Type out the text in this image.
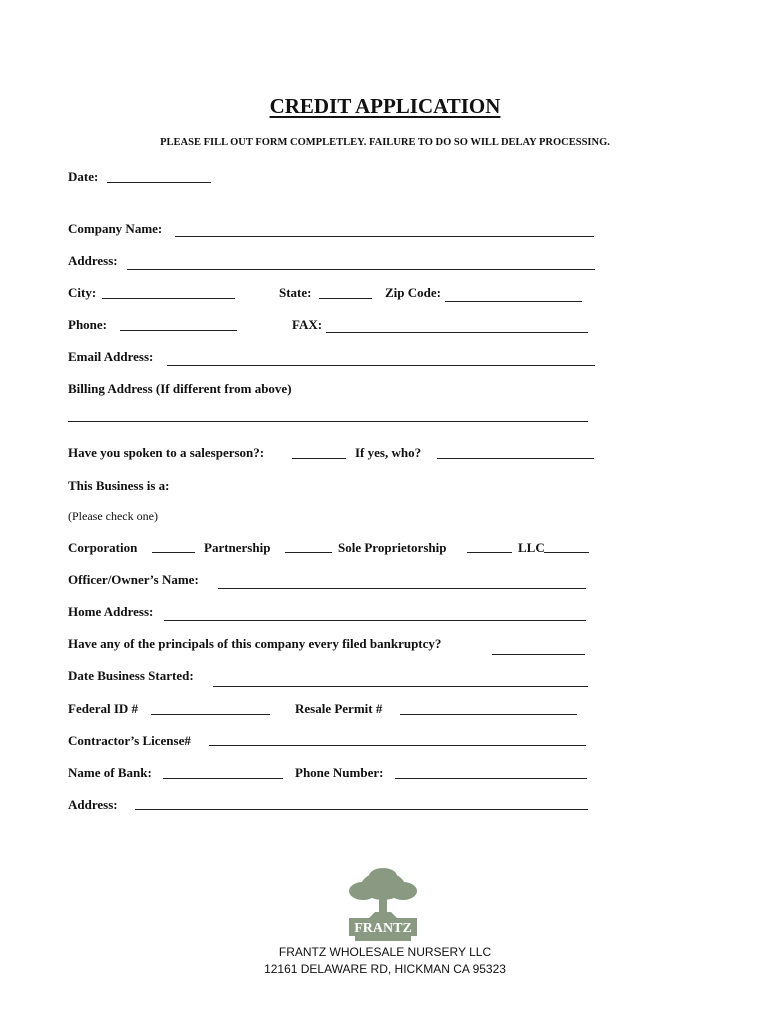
CREDIT APPLICATION
PLEASE FILL OUT FORM COMPLETLEY. FAILURE TO DO SO WILL DELAY PROCESSING.
Date:
Company Name:
Address:
City:	State:	Zip Code:
Phone:	FAX:
Email Address:
Billing Address (If different from above)
Have you spoken to a salesperson?:	If yes, who?
This Business is a:
(Please check one)
Corporation	Partnership	Sole Proprietorship	LLC
Officer/Owner’s Name:
Home Address:
Have any of the principals of this company every filed bankruptcy?
Date Business Started:
Federal ID #	Resale Permit #
Contractor’s License#
Name of Bank:	Phone Number:
Address:
FRANTZ
FRANTZ WHOLESALE NURSERY LLC
12161 DELAWARE RD, HICKMAN CA 95323
